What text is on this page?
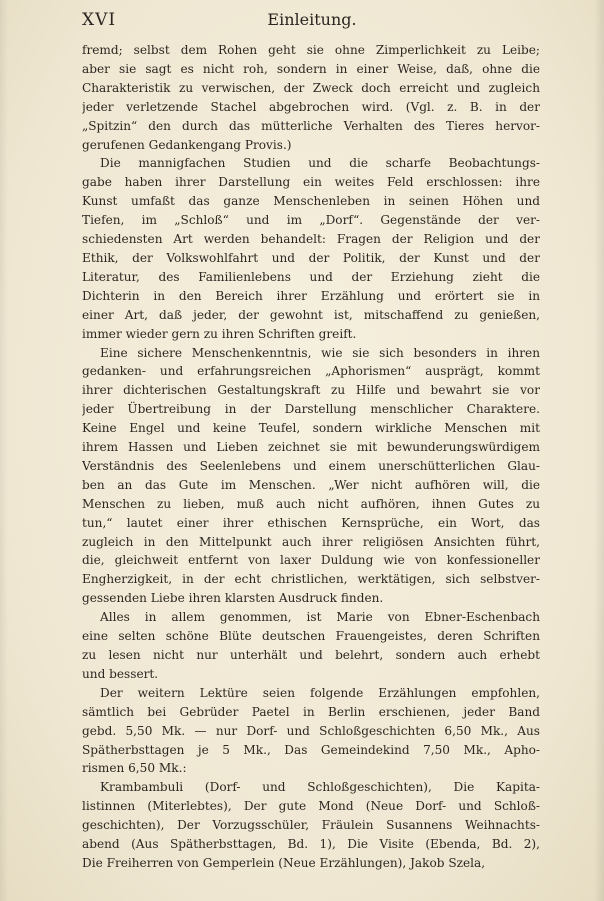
XVI	Einleitung.

fremd; selbst dem Rohen geht sie ohne Zimperlichkeit zu Leibe;
aber sie sagt es nicht roh, sondern in einer Weise, daß, ohne die
Charakteristik zu verwischen, der Zweck doch erreicht und zugleich
jeder verletzende Stachel abgebrochen wird. (Vgl. z. B. in der
„Spitzin“ den durch das mütterliche Verhalten des Tieres hervor-
gerufenen Gedankengang Provis.)

Die mannigfachen Studien und die scharfe Beobachtungs-
gabe haben ihrer Darstellung ein weites Feld erschlossen: ihre
Kunst umfaßt das ganze Menschenleben in seinen Höhen und
Tiefen, im „Schloß“ und im „Dorf“. Gegenstände der ver-
schiedensten Art werden behandelt: Fragen der Religion und der
Ethik, der Volkswohlfahrt und der Politik, der Kunst und der
Literatur, des Familienlebens und der Erziehung zieht die
Dichterin in den Bereich ihrer Erzählung und erörtert sie in
einer Art, daß jeder, der gewohnt ist, mitschaffend zu genießen,
immer wieder gern zu ihren Schriften greift.

Eine sichere Menschenkenntnis, wie sie sich besonders in ihren
gedanken- und erfahrungsreichen „Aphorismen“ ausprägt, kommt
ihrer dichterischen Gestaltungskraft zu Hilfe und bewahrt sie vor
jeder Übertreibung in der Darstellung menschlicher Charaktere.
Keine Engel und keine Teufel, sondern wirkliche Menschen mit
ihrem Hassen und Lieben zeichnet sie mit bewunderungswürdigem
Verständnis des Seelenlebens und einem unerschütterlichen Glau-
ben an das Gute im Menschen. „Wer nicht aufhören will, die
Menschen zu lieben, muß auch nicht aufhören, ihnen Gutes zu
tun,“ lautet einer ihrer ethischen Kernsprüche, ein Wort, das
zugleich in den Mittelpunkt auch ihrer religiösen Ansichten führt,
die, gleichweit entfernt von laxer Duldung wie von konfessioneller
Engherzigkeit, in der echt christlichen, werktätigen, sich selbstver-
gessenden Liebe ihren klarsten Ausdruck finden.

Alles in allem genommen, ist Marie von Ebner-Eschenbach
eine selten schöne Blüte deutschen Frauengeistes, deren Schriften
zu lesen nicht nur unterhält und belehrt, sondern auch erhebt
und bessert.

Der weitern Lektüre seien folgende Erzählungen empfohlen,
sämtlich bei Gebrüder Paetel in Berlin erschienen, jeder Band
gebd. 5,50 Mk. — nur Dorf- und Schloßgeschichten 6,50 Mk., Aus
Spätherbsttagen je 5 Mk., Das Gemeindekind 7,50 Mk., Apho-
rismen 6,50 Mk.:

Krambambuli (Dorf- und Schloßgeschichten), Die Kapita-
listinnen (Miterlebtes), Der gute Mond (Neue Dorf- und Schloß-
geschichten), Der Vorzugsschüler, Fräulein Susannens Weihnachts-
abend (Aus Spätherbsttagen, Bd. 1), Die Visite (Ebenda, Bd. 2),
Die Freiherren von Gemperlein (Neue Erzählungen), Jakob Szela,
